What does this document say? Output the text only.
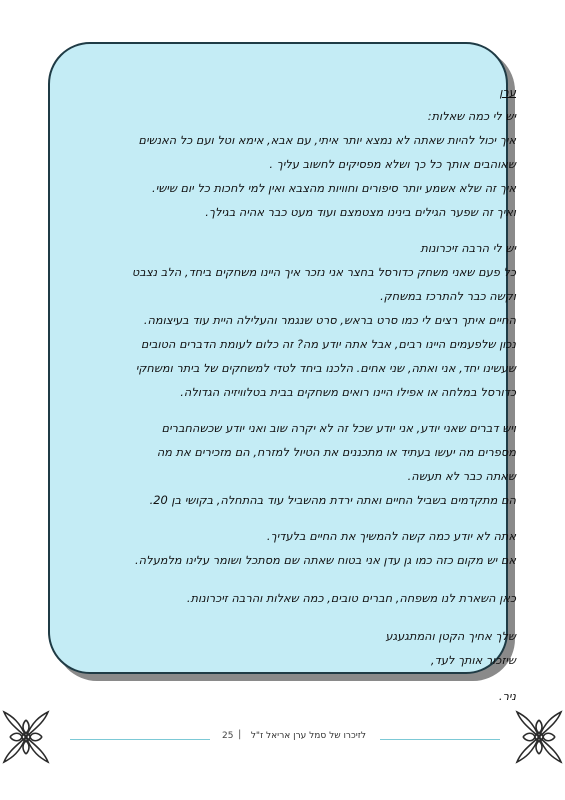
ערן

יש לי כמה שאלות:

איך יכול להיות שאתה לא נמצא יותר איתי, עם אבא, אימא וטל ועם כל האנשים

שאוהבים אותך כל כך ושלא מפסיקים לחשוב עליך .

איך זה שלא אשמע יותר סיפורים וחוויות מהצבא ואין למי לחכות כל יום שישי.

ואיך זה שפער הגילים בינינו מצטמצם ועוד מעט כבר אהיה בגילך.

יש לי הרבה זיכרונות

כל פעם שאני משחק כדורסל בחצר אני נזכר איך היינו משחקים ביחד, הלב נצבט

וקשה כבר להתרכז במשחק.

החיים איתך רצים לי כמו סרט בראש, סרט שנגמר והעלילה היית עוד בעיצומה.

נכון שלפעמים היינו רבים, אבל אתה יודע מה? זה כלום לעומת הדברים הטובים

שעשינו יחד, אני ואתה, שני אחים. הלכנו ביחד לטדי למשחקים של ביתר ומשחקי

כדורסל במלחה או אפילו היינו רואים משחקים בבית בטלוויזיה הגדולה.

ויש דברים שאני יודע, אני יודע שכל זה לא יקרה שוב ואני יודע שכשהחברים

מספרים מה יעשו בעתיד או מתכננים את הטיול למזרח, הם מזכירים את מה

שאתה כבר לא תעשה.

הם מתקדמים בשביל החיים ואתה ירדת מהשביל עוד בהתחלה, בקושי בן 20.

אתה לא יודע כמה קשה להמשיך את החיים בלעדיך.

אם יש מקום כזה כמו גן עדן אני בטוח שאתה שם מסתכל ושומר עלינו מלמעלה.

כאן השארת לנו משפחה, חברים טובים, כמה שאלות והרבה זיכרונות.

שלך אחיך הקטן והמתגעגע

שיזכור אותך לעד,

ניר.

25 |	לזיכרו של סמל ערן אריאל ז"ל
